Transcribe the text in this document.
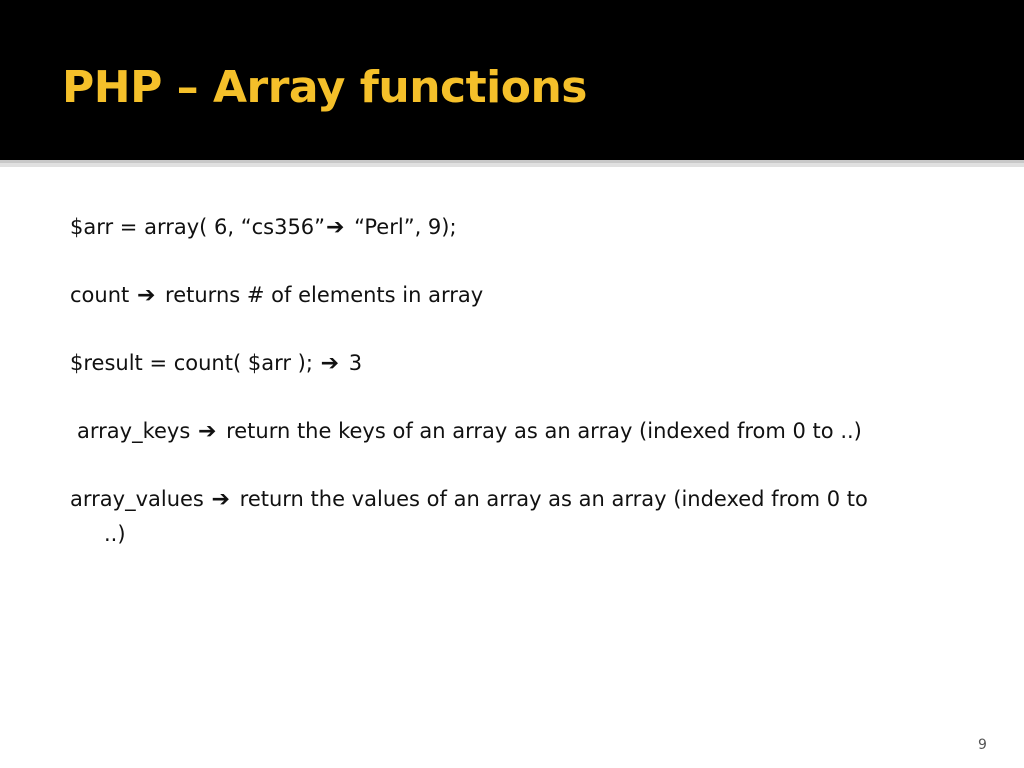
PHP – Array functions
$arr = array( 6, “cs356”➔ “Perl”, 9);
count ➔ returns # of elements in array
$result = count( $arr ); ➔ 3
array_keys ➔ return the keys of an array as an array (indexed from 0 to ..)
array_values ➔ return the values of an array as an array (indexed from 0 to
..)
9
